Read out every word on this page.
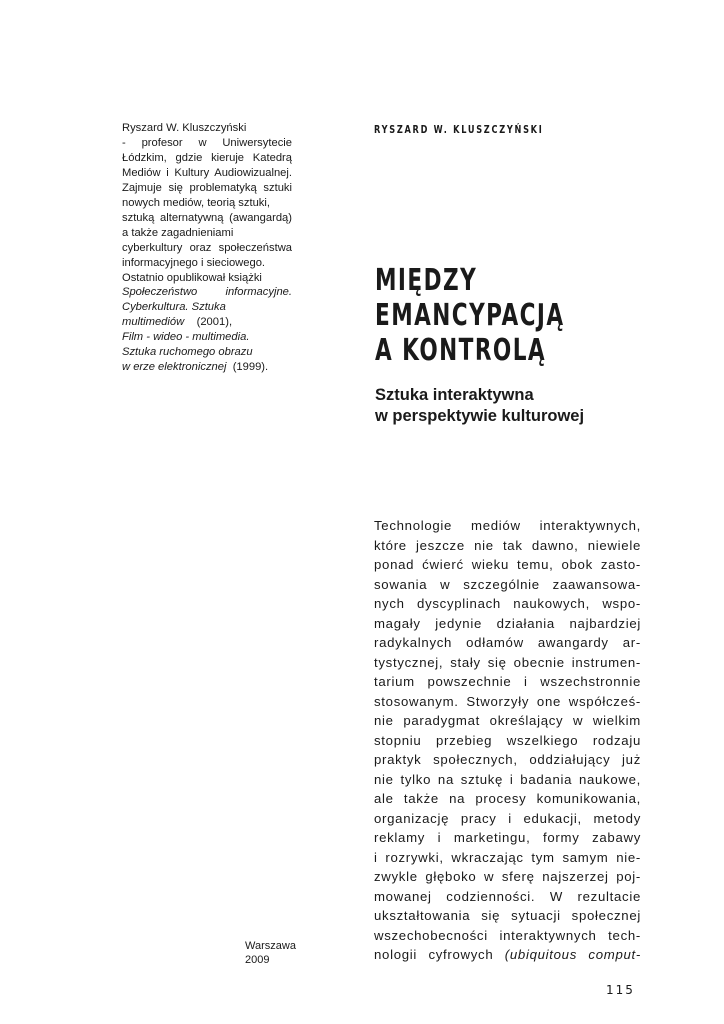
Ryszard W. Kluszczyński
- profesor w Uniwersytecie
Łódzkim, gdzie kieruje Katedrą
Mediów i Kultury Audiowizualnej.
Zajmuje się problematyką sztuki
nowych mediów, teorią sztuki,
sztuką alternatywną (awangardą)
a także zagadnieniami
cyberkultury oraz społeczeństwa
informacyjnego i sieciowego.
Ostatnio opublikował książki
Społeczeństwo informacyjne.
Cyberkultura. Sztuka
multimediów (2001),
Film - wideo - multimedia.
Sztuka ruchomego obrazu
w erze elektronicznej (1999).
RYSZARD W. KLUSZCZYŃSKI
MIĘDZY
EMANCYPACJĄ
A KONTROLĄ
Sztuka interaktywna
w perspektywie kulturowej
Technologie mediów interaktywnych,
które jeszcze nie tak dawno, niewiele
ponad ćwierć wieku temu, obok zasto-
sowania w szczególnie zaawansowa-
nych dyscyplinach naukowych, wspo-
magały jedynie działania najbardziej
radykalnych odłamów awangardy ar-
tystycznej, stały się obecnie instrumen-
tarium powszechnie i wszechstronnie
stosowanym. Stworzyły one współcześ-
nie paradygmat określający w wielkim
stopniu przebieg wszelkiego rodzaju
praktyk społecznych, oddziałujący już
nie tylko na sztukę i badania naukowe,
ale także na procesy komunikowania,
organizację pracy i edukacji, metody
reklamy i marketingu, formy zabawy
i rozrywki, wkraczając tym samym nie-
zwykle głęboko w sferę najszerzej poj-
mowanej codzienności. W rezultacie
ukształtowania się sytuacji społecznej
wszechobecności interaktywnych tech-
nologii cyfrowych (ubiquitous comput-
Warszawa
2009
115
